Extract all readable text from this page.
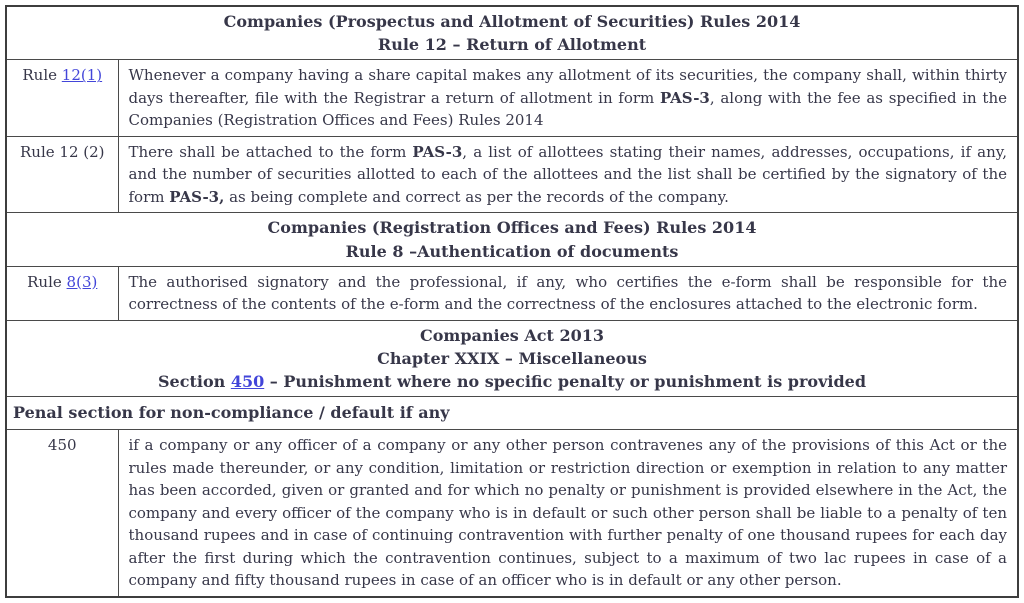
Companies (Prospectus and Allotment of Securities) Rules 2014
Rule 12 – Return of Allotment	

Rule 12(1)	Whenever a company having a share capital makes any allotment of its securities, the company shall, within thirty days thereafter, file with the Registrar a return of allotment in form PAS-3, along with the fee as specified in the Companies (Registration Offices and Fees) Rules 2014
Rule 12 (2)	There shall be attached to the form PAS-3, a list of allottees stating their names, addresses, occupations, if any, and the number of securities allotted to each of the allottees and the list shall be certified by the signatory of the form PAS-3, as being complete and correct as per the records of the company.

Companies (Registration Offices and Fees) Rules 2014
Rule 8 –Authentication of documents	

Rule 8(3)	The authorised signatory and the professional, if any, who certifies the e-form shall be responsible for the correctness of the contents of the e-form and the correctness of the enclosures attached to the electronic form.

Companies Act 2013
Chapter XXIX – Miscellaneous
Section 450 – Punishment where no specific penalty or punishment is provided	

Penal section for non-compliance / default if any	
450	if a company or any officer of a company or any other person contravenes any of the provisions of this Act or the rules made thereunder, or any condition, limitation or restriction direction or exemption in relation to any matter has been accorded, given or granted and for which no penalty or punishment is provided elsewhere in the Act, the company and every officer of the company who is in default or such other person shall be liable to a penalty of ten thousand rupees and in case of continuing contravention with further penalty of one thousand rupees for each day after the first during which the contravention continues, subject to a maximum of two lac rupees in case of a company and fifty thousand rupees in case of an officer who is in default or any other person.
